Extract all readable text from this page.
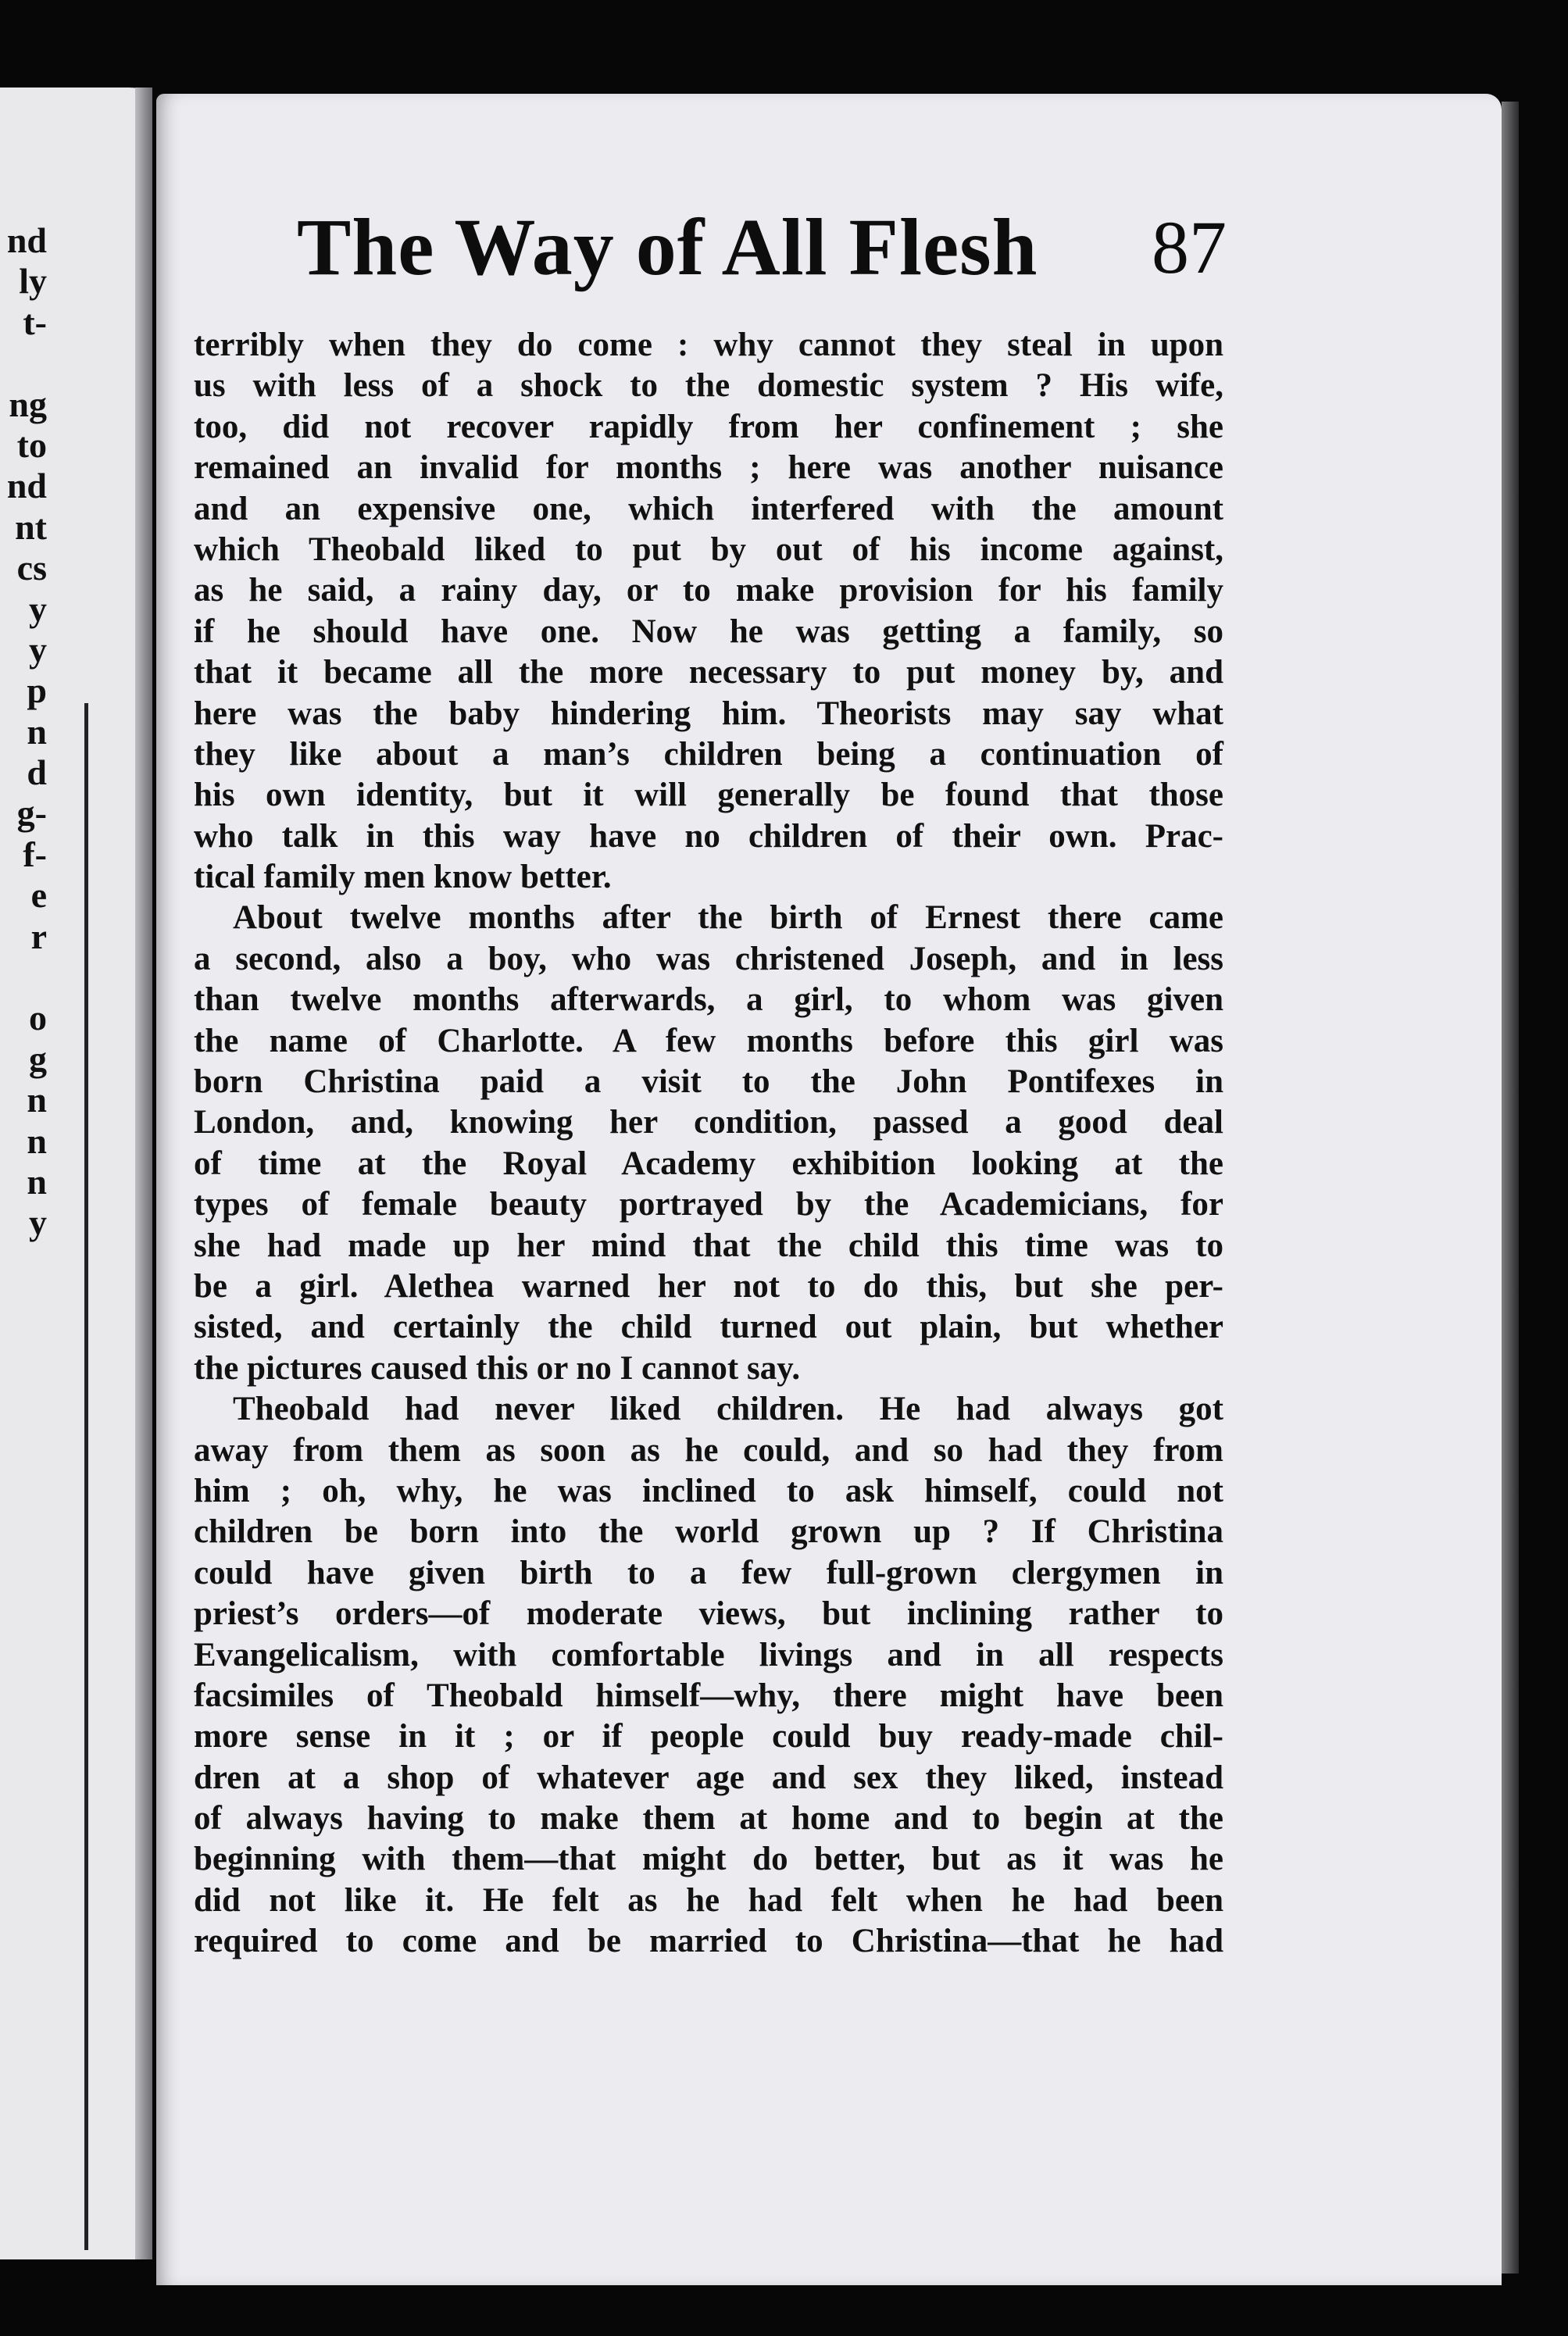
nd
ly
t-
ng
to
nd
nt
cs
y
y
p
n
d
g-
f-
e
r
o
g
n
n
n
y
The Way of All Flesh 87
terribly when they do come : why cannot they steal in upon
us with less of a shock to the domestic system ? His wife,
too, did not recover rapidly from her confinement ; she
remained an invalid for months ; here was another nuisance
and an expensive one, which interfered with the amount
which Theobald liked to put by out of his income against,
as he said, a rainy day, or to make provision for his family
if he should have one. Now he was getting a family, so
that it became all the more necessary to put money by, and
here was the baby hindering him. Theorists may say what
they like about a man’s children being a continuation of
his own identity, but it will generally be found that those
who talk in this way have no children of their own. Prac-
tical family men know better.
About twelve months after the birth of Ernest there came
a second, also a boy, who was christened Joseph, and in less
than twelve months afterwards, a girl, to whom was given
the name of Charlotte. A few months before this girl was
born Christina paid a visit to the John Pontifexes in
London, and, knowing her condition, passed a good deal
of time at the Royal Academy exhibition looking at the
types of female beauty portrayed by the Academicians, for
she had made up her mind that the child this time was to
be a girl. Alethea warned her not to do this, but she per-
sisted, and certainly the child turned out plain, but whether
the pictures caused this or no I cannot say.
Theobald had never liked children. He had always got
away from them as soon as he could, and so had they from
him ; oh, why, he was inclined to ask himself, could not
children be born into the world grown up ? If Christina
could have given birth to a few full-grown clergymen in
priest’s orders—of moderate views, but inclining rather to
Evangelicalism, with comfortable livings and in all respects
facsimiles of Theobald himself—why, there might have been
more sense in it ; or if people could buy ready-made chil-
dren at a shop of whatever age and sex they liked, instead
of always having to make them at home and to begin at the
beginning with them—that might do better, but as it was he
did not like it. He felt as he had felt when he had been
required to come and be married to Christina—that he had
